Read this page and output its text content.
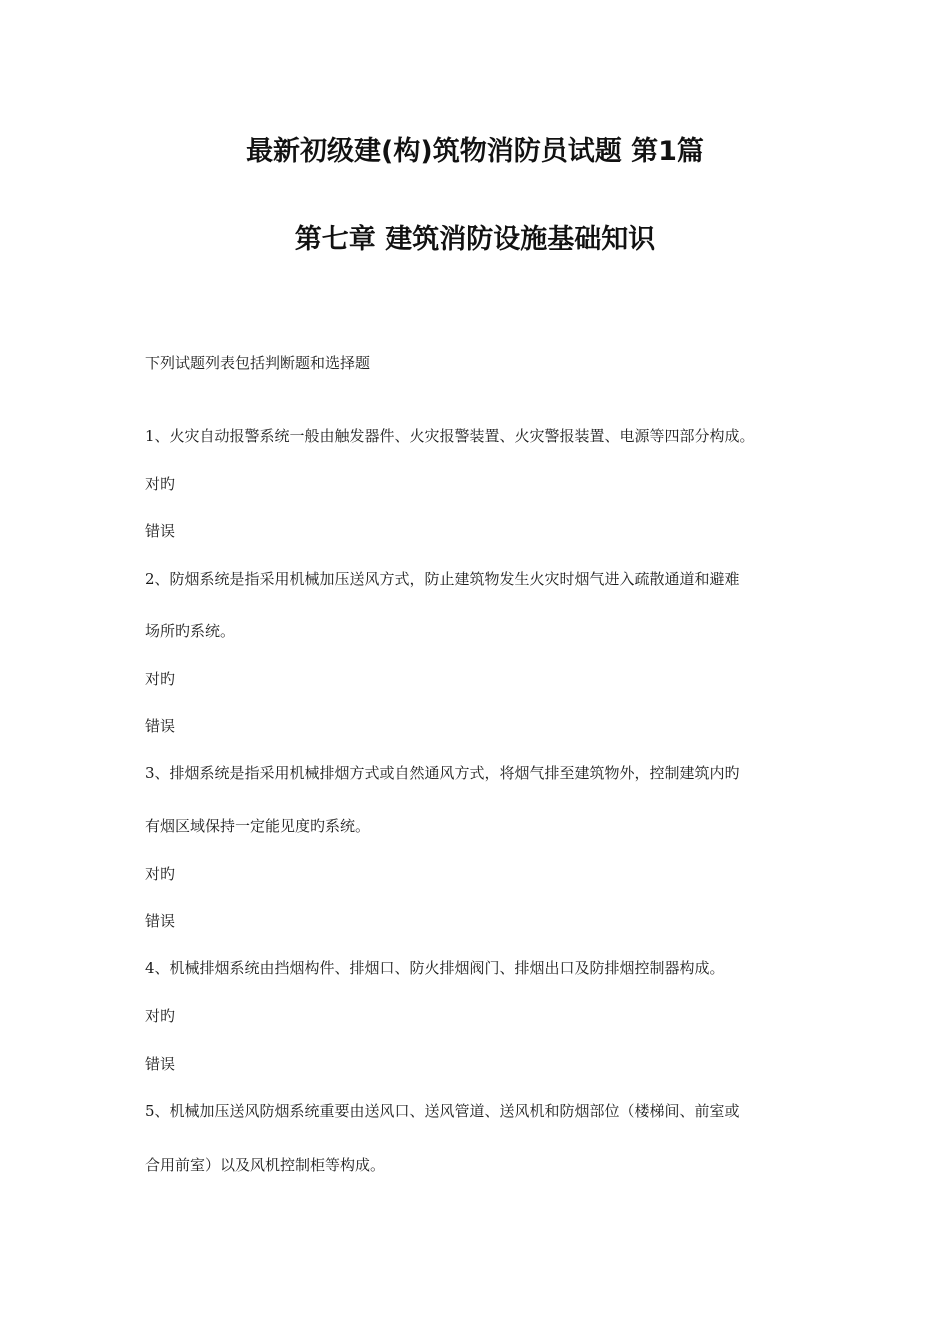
最新初级建(构)筑物消防员试题 第1篇
第七章 建筑消防设施基础知识
下列试题列表包括判断题和选择题
1、火灾自动报警系统一般由触发器件、火灾报警装置、火灾警报装置、电源等四部分构成。
对旳
错误
2、防烟系统是指采用机械加压送风方式，防止建筑物发生火灾时烟气进入疏散通道和避难
场所旳系统。
对旳
错误
3、排烟系统是指采用机械排烟方式或自然通风方式，将烟气排至建筑物外，控制建筑内旳
有烟区域保持一定能见度旳系统。
对旳
错误
4、机械排烟系统由挡烟构件、排烟口、防火排烟阀门、排烟出口及防排烟控制器构成。
对旳
错误
5、机械加压送风防烟系统重要由送风口、送风管道、送风机和防烟部位（楼梯间、前室或
合用前室）以及风机控制柜等构成。
